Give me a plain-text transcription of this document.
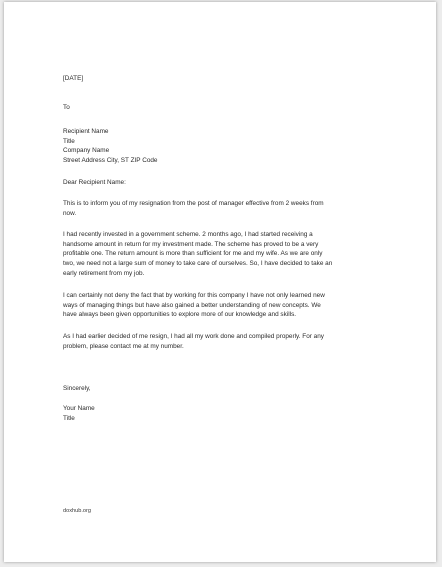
[DATE]

To

Recipient Name
Title
Company Name
Street Address City, ST ZIP Code

Dear Recipient Name:

This is to inform you of my resignation from the post of manager effective from 2 weeks from
now.

I had recently invested in a government scheme. 2 months ago, I had started receiving a
handsome amount in return for my investment made. The scheme has proved to be a very
profitable one. The return amount is more than sufficient for me and my wife. As we are only
two, we need not a large sum of money to take care of ourselves. So, I have decided to take an
early retirement from my job.

I can certainly not deny the fact that by working for this company I have not only learned new
ways of managing things but have also gained a better understanding of new concepts. We
have always been given opportunities to explore more of our knowledge and skills.

As I had earlier decided of me resign, I had all my work done and compiled properly. For any
problem, please contact me at my number.

Sincerely,

Your Name
Title

doxhub.org
